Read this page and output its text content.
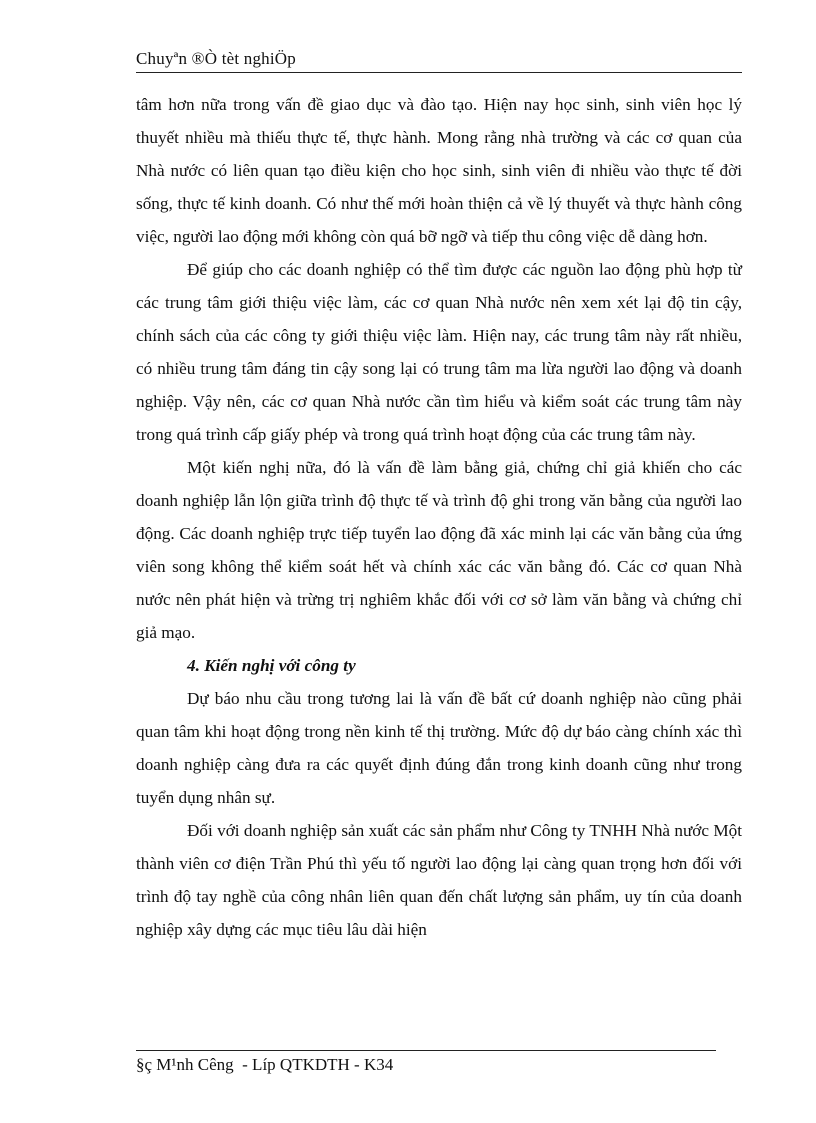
Chuyªn ®Ò tèt nghiÖp

tâm hơn nữa trong vấn đề giao dục và đào tạo. Hiện nay học sinh, sinh viên học lý thuyết nhiều mà thiếu thực tế, thực hành. Mong rằng nhà trường và các cơ quan của Nhà nước có liên quan tạo điều kiện cho học sinh, sinh viên đi nhiều vào thực tế đời sống, thực tế kinh doanh. Có như thế mới hoàn thiện cả về lý thuyết và thực hành công việc, người lao động mới không còn quá bỡ ngỡ và tiếp thu công việc dễ dàng hơn.

Để giúp cho các doanh nghiệp có thể tìm được các nguồn lao động phù hợp từ các trung tâm giới thiệu việc làm, các cơ quan Nhà nước nên xem xét lại độ tin cậy, chính sách của các công ty giới thiệu việc làm. Hiện nay, các trung tâm này rất nhiều, có nhiều trung tâm đáng tin cậy song lại có trung tâm ma lừa người lao động và doanh nghiệp. Vậy nên, các cơ quan Nhà nước cần tìm hiểu và kiểm soát các trung tâm này trong quá trình cấp giấy phép và trong quá trình hoạt động của các trung tâm này.

Một kiến nghị nữa, đó là vấn đề làm bằng giả, chứng chỉ giả khiến cho các doanh nghiệp lẫn lộn giữa trình độ thực tế và trình độ ghi trong văn bằng của người lao động. Các doanh nghiệp trực tiếp tuyển lao động đã xác minh lại các văn bằng của ứng viên song không thể kiểm soát hết và chính xác các văn bằng đó. Các cơ quan Nhà nước nên phát hiện và trừng trị nghiêm khắc đối với cơ sở làm văn bằng và chứng chỉ giả mạo.

4. Kiến nghị với công ty

Dự báo nhu cầu trong tương lai là vấn đề bất cứ doanh nghiệp nào cũng phải quan tâm khi hoạt động trong nền kinh tế thị trường. Mức độ dự báo càng chính xác thì doanh nghiệp càng đưa ra các quyết định đúng đắn trong kinh doanh cũng như trong tuyển dụng nhân sự.

Đối với doanh nghiệp sản xuất các sản phẩm như Công ty TNHH Nhà nước Một thành viên cơ điện Trần Phú thì yếu tố người lao động lại càng quan trọng hơn đối với trình độ tay nghề của công nhân liên quan đến chất lượng sản phẩm, uy tín của doanh nghiệp xây dựng các mục tiêu lâu dài hiện

§ç M¹nh Cêng  - Líp QTKDTH - K34
